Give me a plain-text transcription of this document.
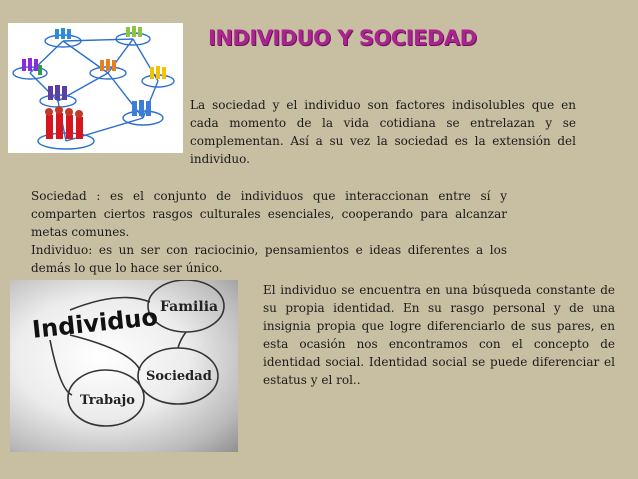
INDIVIDUO Y SOCIEDAD
La sociedad y el individuo son factores indisolubles que en cada momento de la vida cotidiana se entrelazan y se complementan. Así a su vez la sociedad es la extensión del individuo.
Sociedad : es el conjunto de individuos que interaccionan entre sí y comparten ciertos rasgos culturales esenciales, cooperando para alcanzar metas comunes.
Individuo: es un ser con raciocinio, pensamientos e ideas diferentes a los demás lo que lo hace ser único.
Individuo Familia
Sociedad
Trabajo
El individuo se encuentra en una búsqueda constante de su propia identidad. En su rasgo personal y de una insignia propia que logre diferenciarlo de sus pares, en esta ocasión nos encontramos con el concepto de identidad social. Identidad social se puede diferenciar el estatus y el rol..
